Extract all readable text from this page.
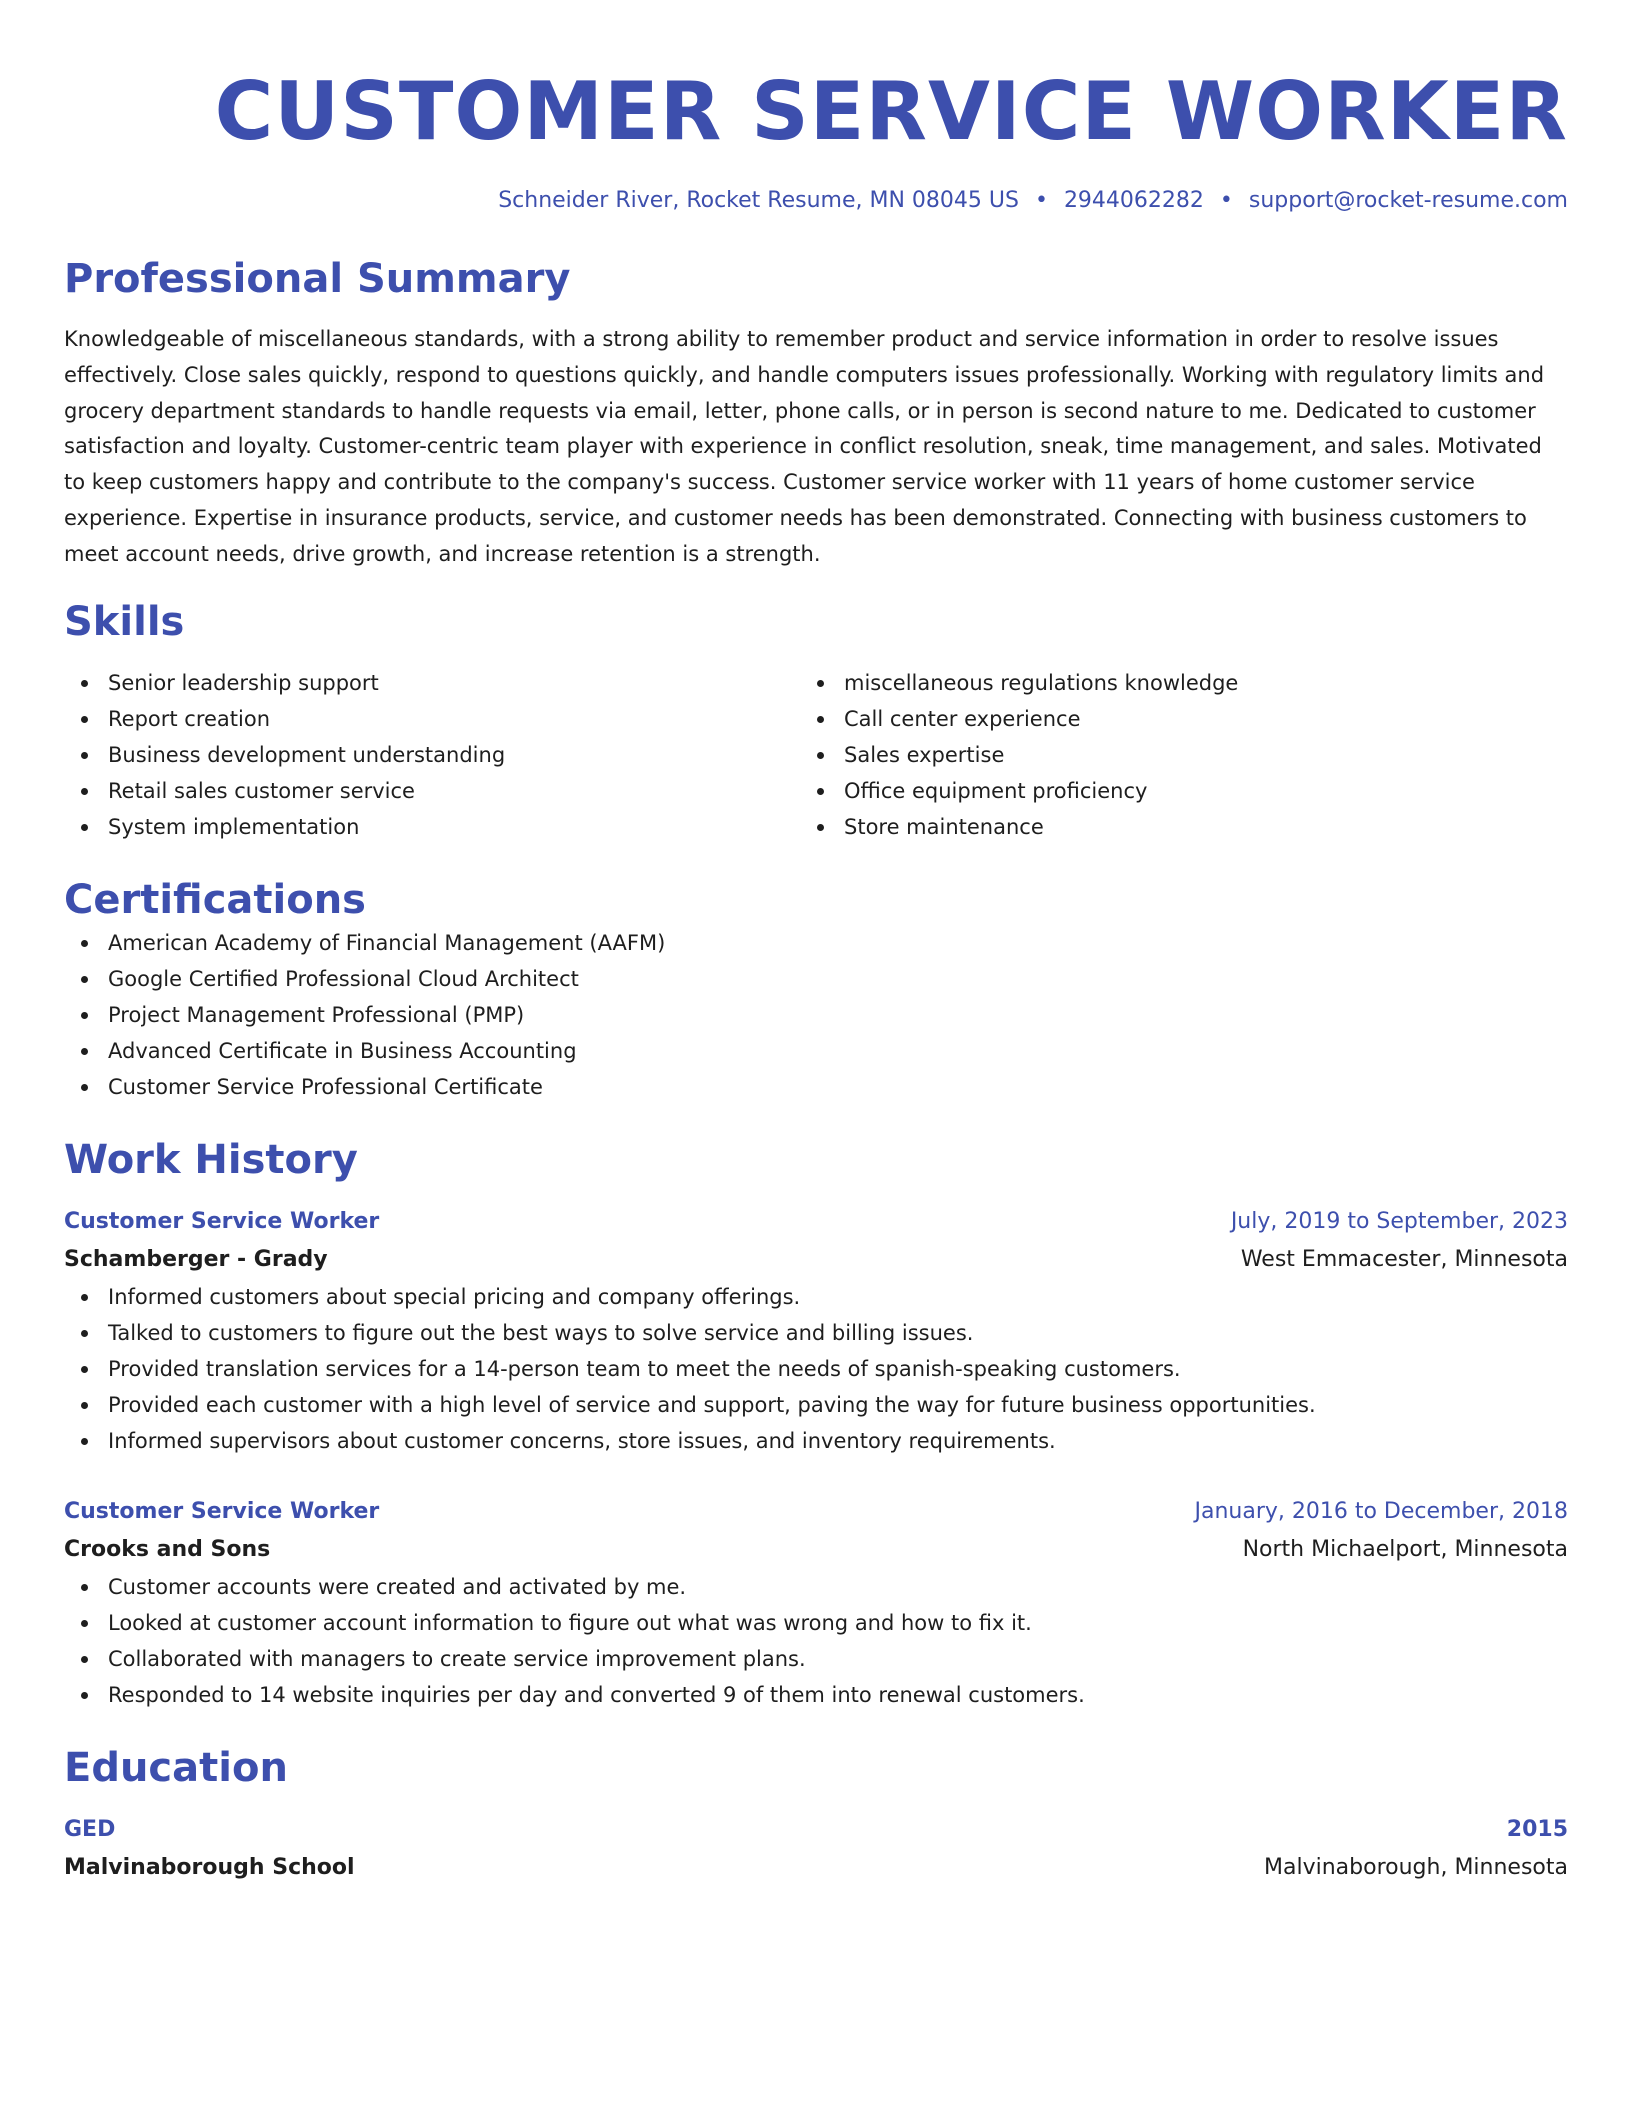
CUSTOMER SERVICE WORKER
Schneider River, Rocket Resume, MN 08045 US • 2944062282 • support@rocket-resume.com
Professional Summary

Knowledgeable of miscellaneous standards, with a strong ability to remember product and service information in order to resolve issues effectively. Close sales quickly, respond to questions quickly, and handle computers issues professionally. Working with regulatory limits and grocery department standards to handle requests via email, letter, phone calls, or in person is second nature to me. Dedicated to customer satisfaction and loyalty. Customer-centric team player with experience in conflict resolution, sneak, time management, and sales. Motivated to keep customers happy and contribute to the company's success. Customer service worker with 11 years of home customer service experience. Expertise in insurance products, service, and customer needs has been demonstrated. Connecting with business customers to meet account needs, drive growth, and increase retention is a strength.

Skills
Senior leadership support
Report creation
Business development understanding
Retail sales customer service
System implementation
miscellaneous regulations knowledge
Call center experience
Sales expertise
Office equipment proficiency
Store maintenance
Certifications
American Academy of Financial Management (AAFM)
Google Certified Professional Cloud Architect
Project Management Professional (PMP)
Advanced Certificate in Business Accounting
Customer Service Professional Certificate
Work History
Customer Service Worker	July, 2019 to September, 2023
Schamberger - Grady	West Emmacester, Minnesota
Informed customers about special pricing and company offerings.
Talked to customers to figure out the best ways to solve service and billing issues.
Provided translation services for a 14-person team to meet the needs of spanish-speaking customers.
Provided each customer with a high level of service and support, paving the way for future business opportunities.
Informed supervisors about customer concerns, store issues, and inventory requirements.
Customer Service Worker	January, 2016 to December, 2018
Crooks and Sons	North Michaelport, Minnesota
Customer accounts were created and activated by me.
Looked at customer account information to figure out what was wrong and how to fix it.
Collaborated with managers to create service improvement plans.
Responded to 14 website inquiries per day and converted 9 of them into renewal customers.
Education
GED	2015
Malvinaborough School	Malvinaborough, Minnesota
